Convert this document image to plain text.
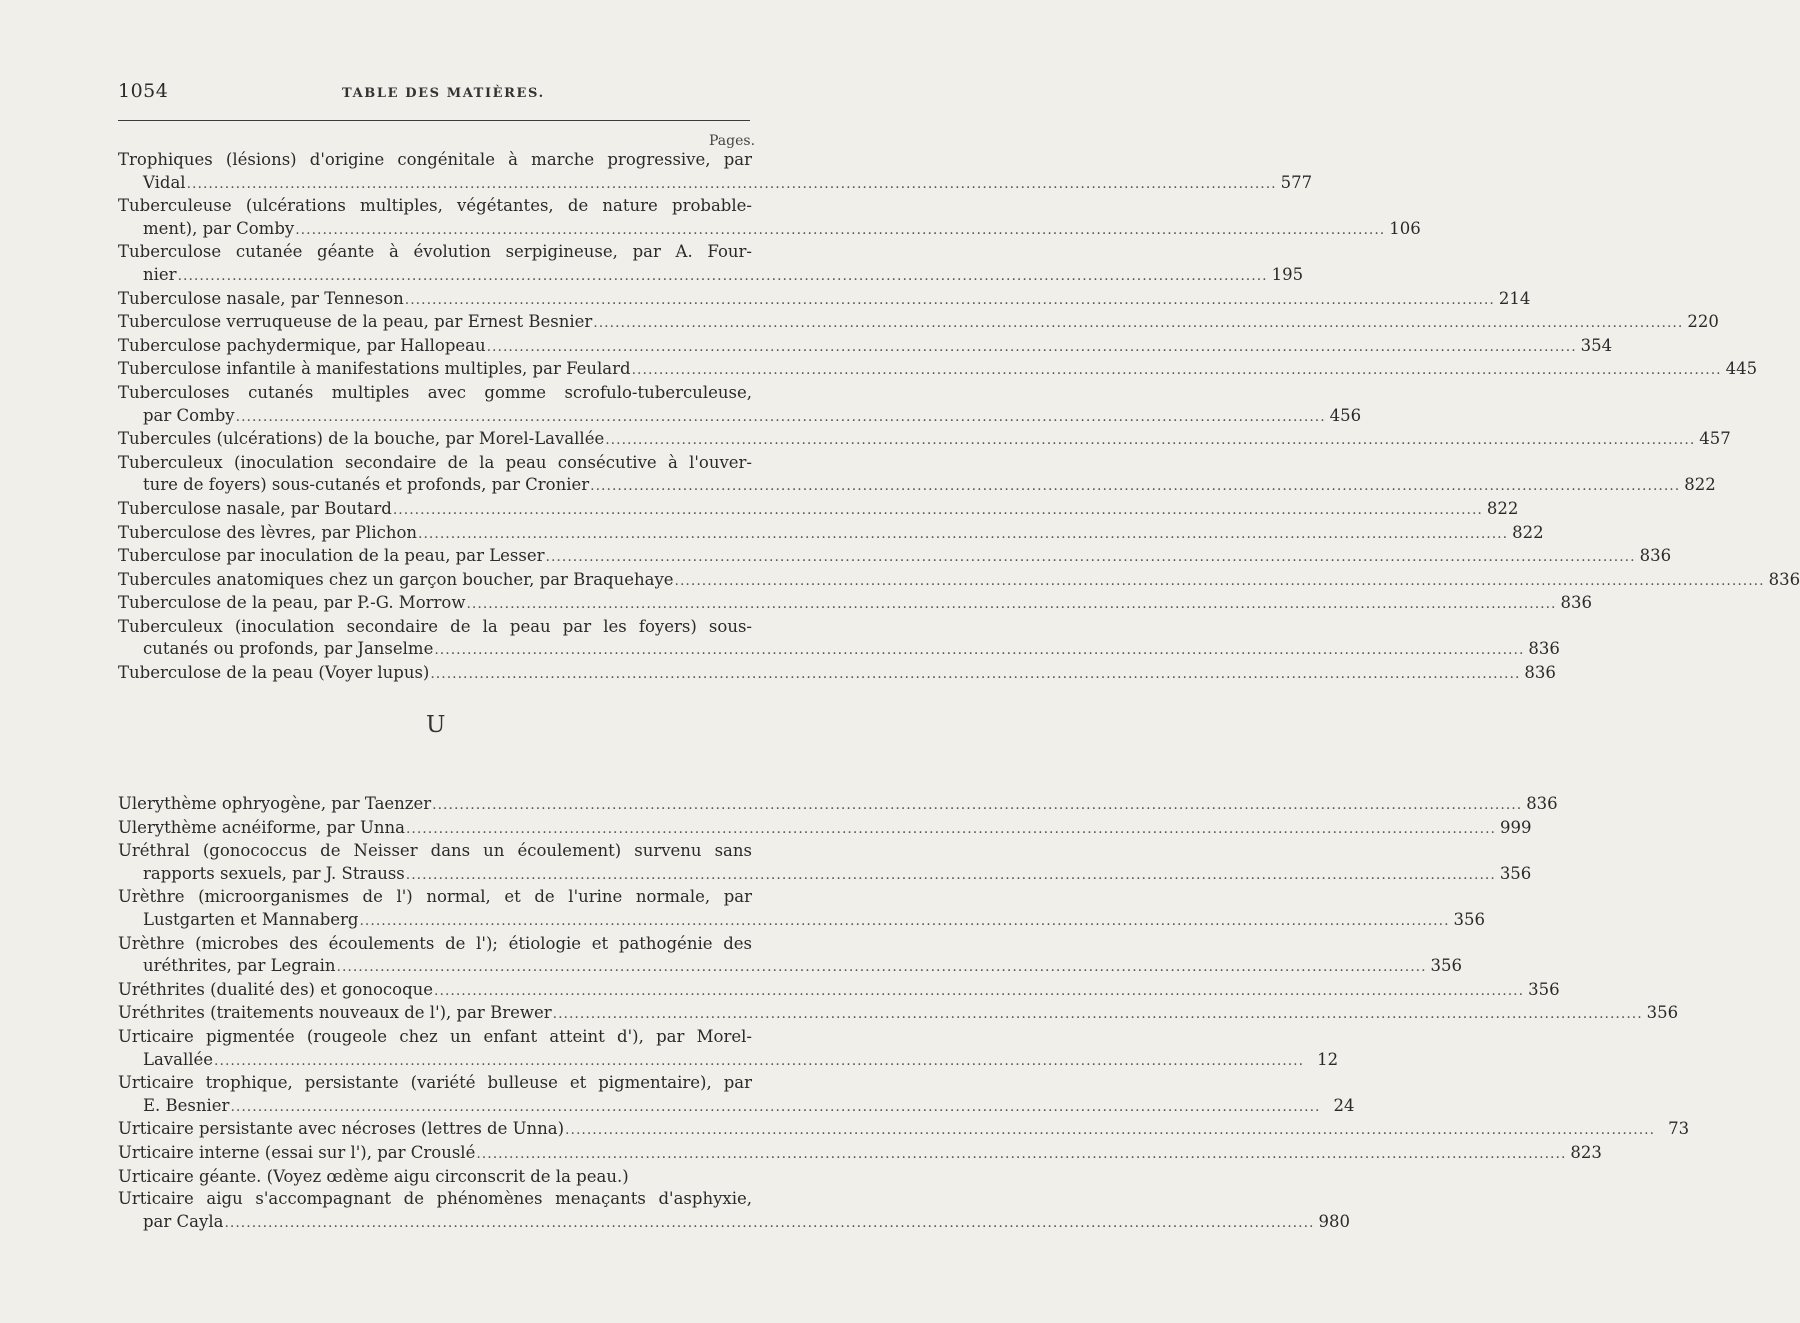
1054	TABLE DES MATIÈRES.
Pages.
Trophiques (lésions) d'origine congénitale à marche progressive, par
Vidal ........................................................................................................................................................................................................ 577
Tuberculeuse (ulcérations multiples, végétantes, de nature probable-
ment), par Comby ........................................................................................................................................................................................................ 106
Tuberculose cutanée géante à évolution serpigineuse, par A. Four-
nier ........................................................................................................................................................................................................ 195
Tuberculose nasale, par Tenneson ........................................................................................................................................................................................................ 214
Tuberculose verruqueuse de la peau, par Ernest Besnier ........................................................................................................................................................................................................ 220
Tuberculose pachydermique, par Hallopeau ........................................................................................................................................................................................................ 354
Tuberculose infantile à manifestations multiples, par Feulard ........................................................................................................................................................................................................ 445
Tuberculoses cutanés multiples avec gomme scrofulo-tuberculeuse,
par Comby ........................................................................................................................................................................................................ 456
Tubercules (ulcérations) de la bouche, par Morel-Lavallée ........................................................................................................................................................................................................ 457
Tuberculeux (inoculation secondaire de la peau consécutive à l'ouver-
ture de foyers) sous-cutanés et profonds, par Cronier ........................................................................................................................................................................................................ 822
Tuberculose nasale, par Boutard ........................................................................................................................................................................................................ 822
Tuberculose des lèvres, par Plichon ........................................................................................................................................................................................................ 822
Tuberculose par inoculation de la peau, par Lesser ........................................................................................................................................................................................................ 836
Tubercules anatomiques chez un garçon boucher, par Braquehaye ........................................................................................................................................................................................................ 836
Tuberculose de la peau, par P.-G. Morrow ........................................................................................................................................................................................................ 836
Tuberculeux (inoculation secondaire de la peau par les foyers) sous-
cutanés ou profonds, par Janselme ........................................................................................................................................................................................................ 836
Tuberculose de la peau (Voyer lupus) ........................................................................................................................................................................................................ 836
U
Ulerythème ophryogène, par Taenzer ........................................................................................................................................................................................................ 836
Ulerythème acnéiforme, par Unna ........................................................................................................................................................................................................ 999
Uréthral (gonococcus de Neisser dans un écoulement) survenu sans
rapports sexuels, par J. Strauss ........................................................................................................................................................................................................ 356
Urèthre (microorganismes de l') normal, et de l'urine normale, par
Lustgarten et Mannaberg ........................................................................................................................................................................................................ 356
Urèthre (microbes des écoulements de l'); étiologie et pathogénie des
uréthrites, par Legrain ........................................................................................................................................................................................................ 356
Uréthrites (dualité des) et gonocoque ........................................................................................................................................................................................................ 356
Uréthrites (traitements nouveaux de l'), par Brewer ........................................................................................................................................................................................................ 356
Urticaire pigmentée (rougeole chez un enfant atteint d'), par Morel-
Lavallée ........................................................................................................................................................................................................ 12
Urticaire trophique, persistante (variété bulleuse et pigmentaire), par
E. Besnier ........................................................................................................................................................................................................ 24
Urticaire persistante avec nécroses (lettres de Unna) ........................................................................................................................................................................................................ 73
Urticaire interne (essai sur l'), par Crouslé ........................................................................................................................................................................................................ 823
Urticaire géante. (Voyez œdème aigu circonscrit de la peau.)
Urticaire aigu s'accompagnant de phénomènes menaçants d'asphyxie,
par Cayla ........................................................................................................................................................................................................ 980
